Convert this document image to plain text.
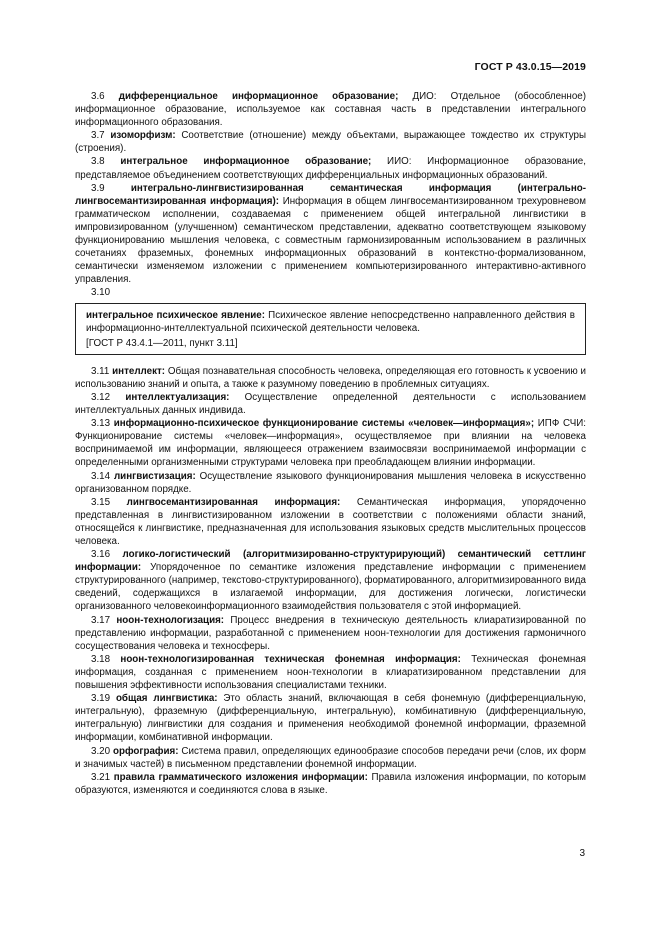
ГОСТ Р 43.0.15—2019

3.6 дифференциальное информационное образование; ДИО: Отдельное (обособленное) информационное образование, используемое как составная часть в представлении интегрального информационного образования.

3.7 изоморфизм: Соответствие (отношение) между объектами, выражающее тождество их структуры (строения).

3.8 интегральное информационное образование; ИИО: Информационное образование, представляемое объединением соответствующих дифференциальных информационных образований.

3.9	интегрально-лингвистизированная семантическая информация (интегрально-лингвосемантизированная информация): Информация в общем лингвосемантизированном трехуровневом грамматическом исполнении, создаваемая с применением общей интегральной лингвистики в импровизированном (улучшенном) семантическом представлении, адекватно соответствующем языковому функционированию мышления человека, с совместным гармонизированным использованием в различных сочетаниях фраземных, фонемных информационных образований в контекстно-формализованном, семантически изменяемом изложении с применением компьютеризированного интерактивно-активного управления.

3.10

интегральное психическое явление: Психическое явление непосредственно направленного действия в информационно-интеллектуальной психической деятельности человека.

[ГОСТ Р 43.4.1—2011, пункт 3.11]

3.11 интеллект: Общая познавательная способность человека, определяющая его готовность к усвоению и использованию знаний и опыта, а также к разумному поведению в проблемных ситуациях.

3.12 интеллектуализация: Осуществление определенной деятельности с использованием интеллектуальных данных индивида.

3.13 информационно-психическое функционирование системы «человек—информация»; ИПФ СЧИ: Функционирование системы «человек—информация», осуществляемое при влиянии на человека воспринимаемой им информации, являющееся отражением взаимосвязи воспринимаемой информации с определенными организменными структурами человека при преобладающем влиянии информации.

3.14 лингвистизация: Осуществление языкового функционирования мышления человека в искусственно организованном порядке.

3.15 лингвосемантизированная информация: Семантическая информация, упорядоченно представленная в лингвистизированном изложении в соответствии с положениями области знаний, относящейся к лингвистике, предназначенная для использования языковых средств мыслительных процессов человека.

3.16 логико-логистический (алгоритмизированно-структурирующий) семантический сеттлинг информации: Упорядоченное по семантике изложения представление информации с применением структурированного (например, текстово-структурированного), форматированного, алгоритмизированного вида сведений, содержащихся в излагаемой информации, для достижения логически, логистически организованного человекоинформационного взаимодействия пользователя с этой информацией.

3.17 ноон-технологизация: Процесс внедрения в техническую деятельность клиаратизированной по представлению информации, разработанной с применением ноон-технологии для достижения гармоничного сосуществования человека и техносферы.

3.18 ноон-технологизированная техническая фонемная информация: Техническая фонемная информация, созданная с применением ноон-технологии в клиаратизированном представлении для повышения эффективности использования специалистами техники.

3.19 общая лингвистика: Это область знаний, включающая в себя фонемную (дифференциальную, интегральную), фраземную (дифференциальную, интегральную), комбинативную (дифференциальную, интегральную) лингвистики для создания и применения необходимой фонемной информации, фраземной информации, комбинативной информации.

3.20 орфография: Система правил, определяющих единообразие способов передачи речи (слов, их форм и значимых частей) в письменном представлении фонемной информации.

3.21 правила грамматического изложения информации: Правила изложения информации, по которым образуются, изменяются и соединяются слова в языке.

3
